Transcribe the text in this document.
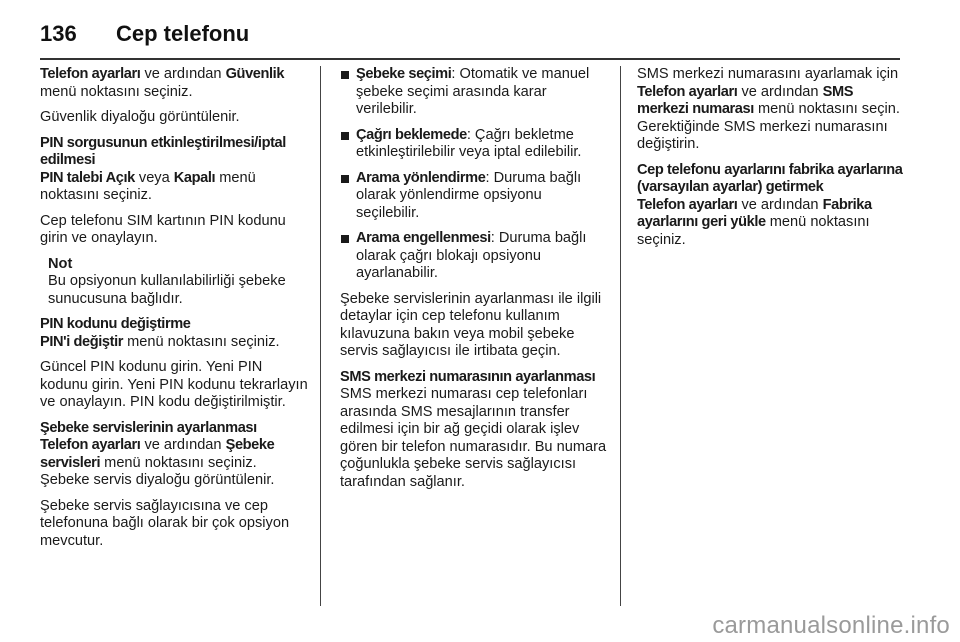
136	Cep telefonu

Telefon ayarları ve ardından Güvenlik menü noktasını seçiniz.

Güvenlik diyaloğu görüntülenir.

PIN sorgusunun etkinleştirilmesi/iptal edilmesi
PIN talebi Açık veya Kapalı menü noktasını seçiniz.

Cep telefonu SIM kartının PIN kodunu girin ve onaylayın.

Not
Bu opsiyonun kullanılabilirliği şebeke sunucusuna bağlıdır.

PIN kodunu değiştirme
PIN'i değiştir menü noktasını seçiniz.

Güncel PIN kodunu girin. Yeni PIN kodunu girin. Yeni PIN kodunu tekrarlayın ve onaylayın. PIN kodu değiştirilmiştir.

Şebeke servislerinin ayarlanması
Telefon ayarları ve ardından Şebeke servisleri menü noktasını seçiniz.
Şebeke servis diyaloğu görüntülenir.

Şebeke servis sağlayıcısına ve cep telefonuna bağlı olarak bir çok opsiyon mevcutur.

Şebeke seçimi: Otomatik ve manuel şebeke seçimi arasında karar verilebilir.
Çağrı beklemede: Çağrı bekletme etkinleştirilebilir veya iptal edilebilir.
Arama yönlendirme: Duruma bağlı olarak yönlendirme opsiyonu seçilebilir.
Arama engellenmesi: Duruma bağlı olarak çağrı blokajı opsiyonu ayarlanabilir.

Şebeke servislerinin ayarlanması ile ilgili detaylar için cep telefonu kullanım kılavuzuna bakın veya mobil şebeke servis sağlayıcısı ile irtibata geçin.

SMS merkezi numarasının ayarlanması
SMS merkezi numarası cep telefonları arasında SMS mesajlarının transfer edilmesi için bir ağ geçidi olarak işlev gören bir telefon numarasıdır. Bu numara çoğunlukla şebeke servis sağlayıcısı tarafından sağlanır.

SMS merkezi numarasını ayarlamak için Telefon ayarları ve ardından SMS merkezi numarası menü noktasını seçin. Gerektiğinde SMS merkezi numarasını değiştirin.

Cep telefonu ayarlarını fabrika ayarlarına (varsayılan ayarlar) getirmek
Telefon ayarları ve ardından Fabrika ayarlarını geri yükle menü noktasını seçiniz.

carmanualsonline.info
